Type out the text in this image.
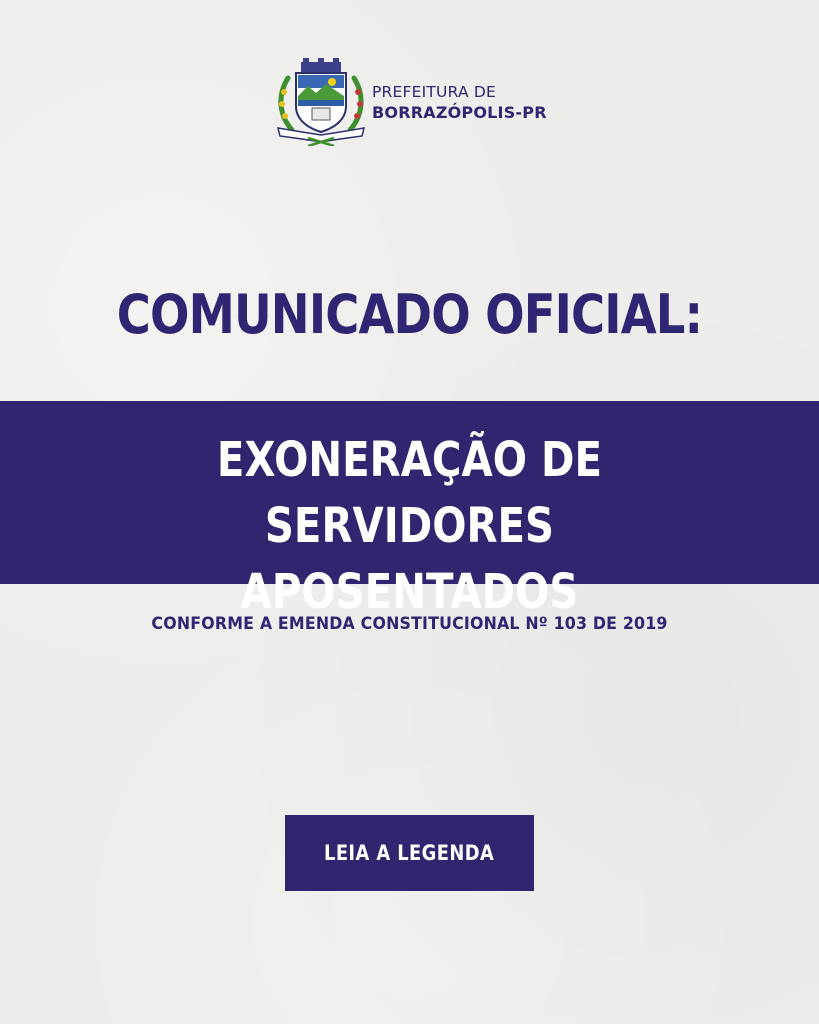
PREFEITURA DE
BORRAZÓPOLIS-PR
COMUNICADO OFICIAL:
EXONERAÇÃO DE SERVIDORES
APOSENTADOS
CONFORME A EMENDA CONSTITUCIONAL Nº 103 DE 2019
LEIA A LEGENDA
